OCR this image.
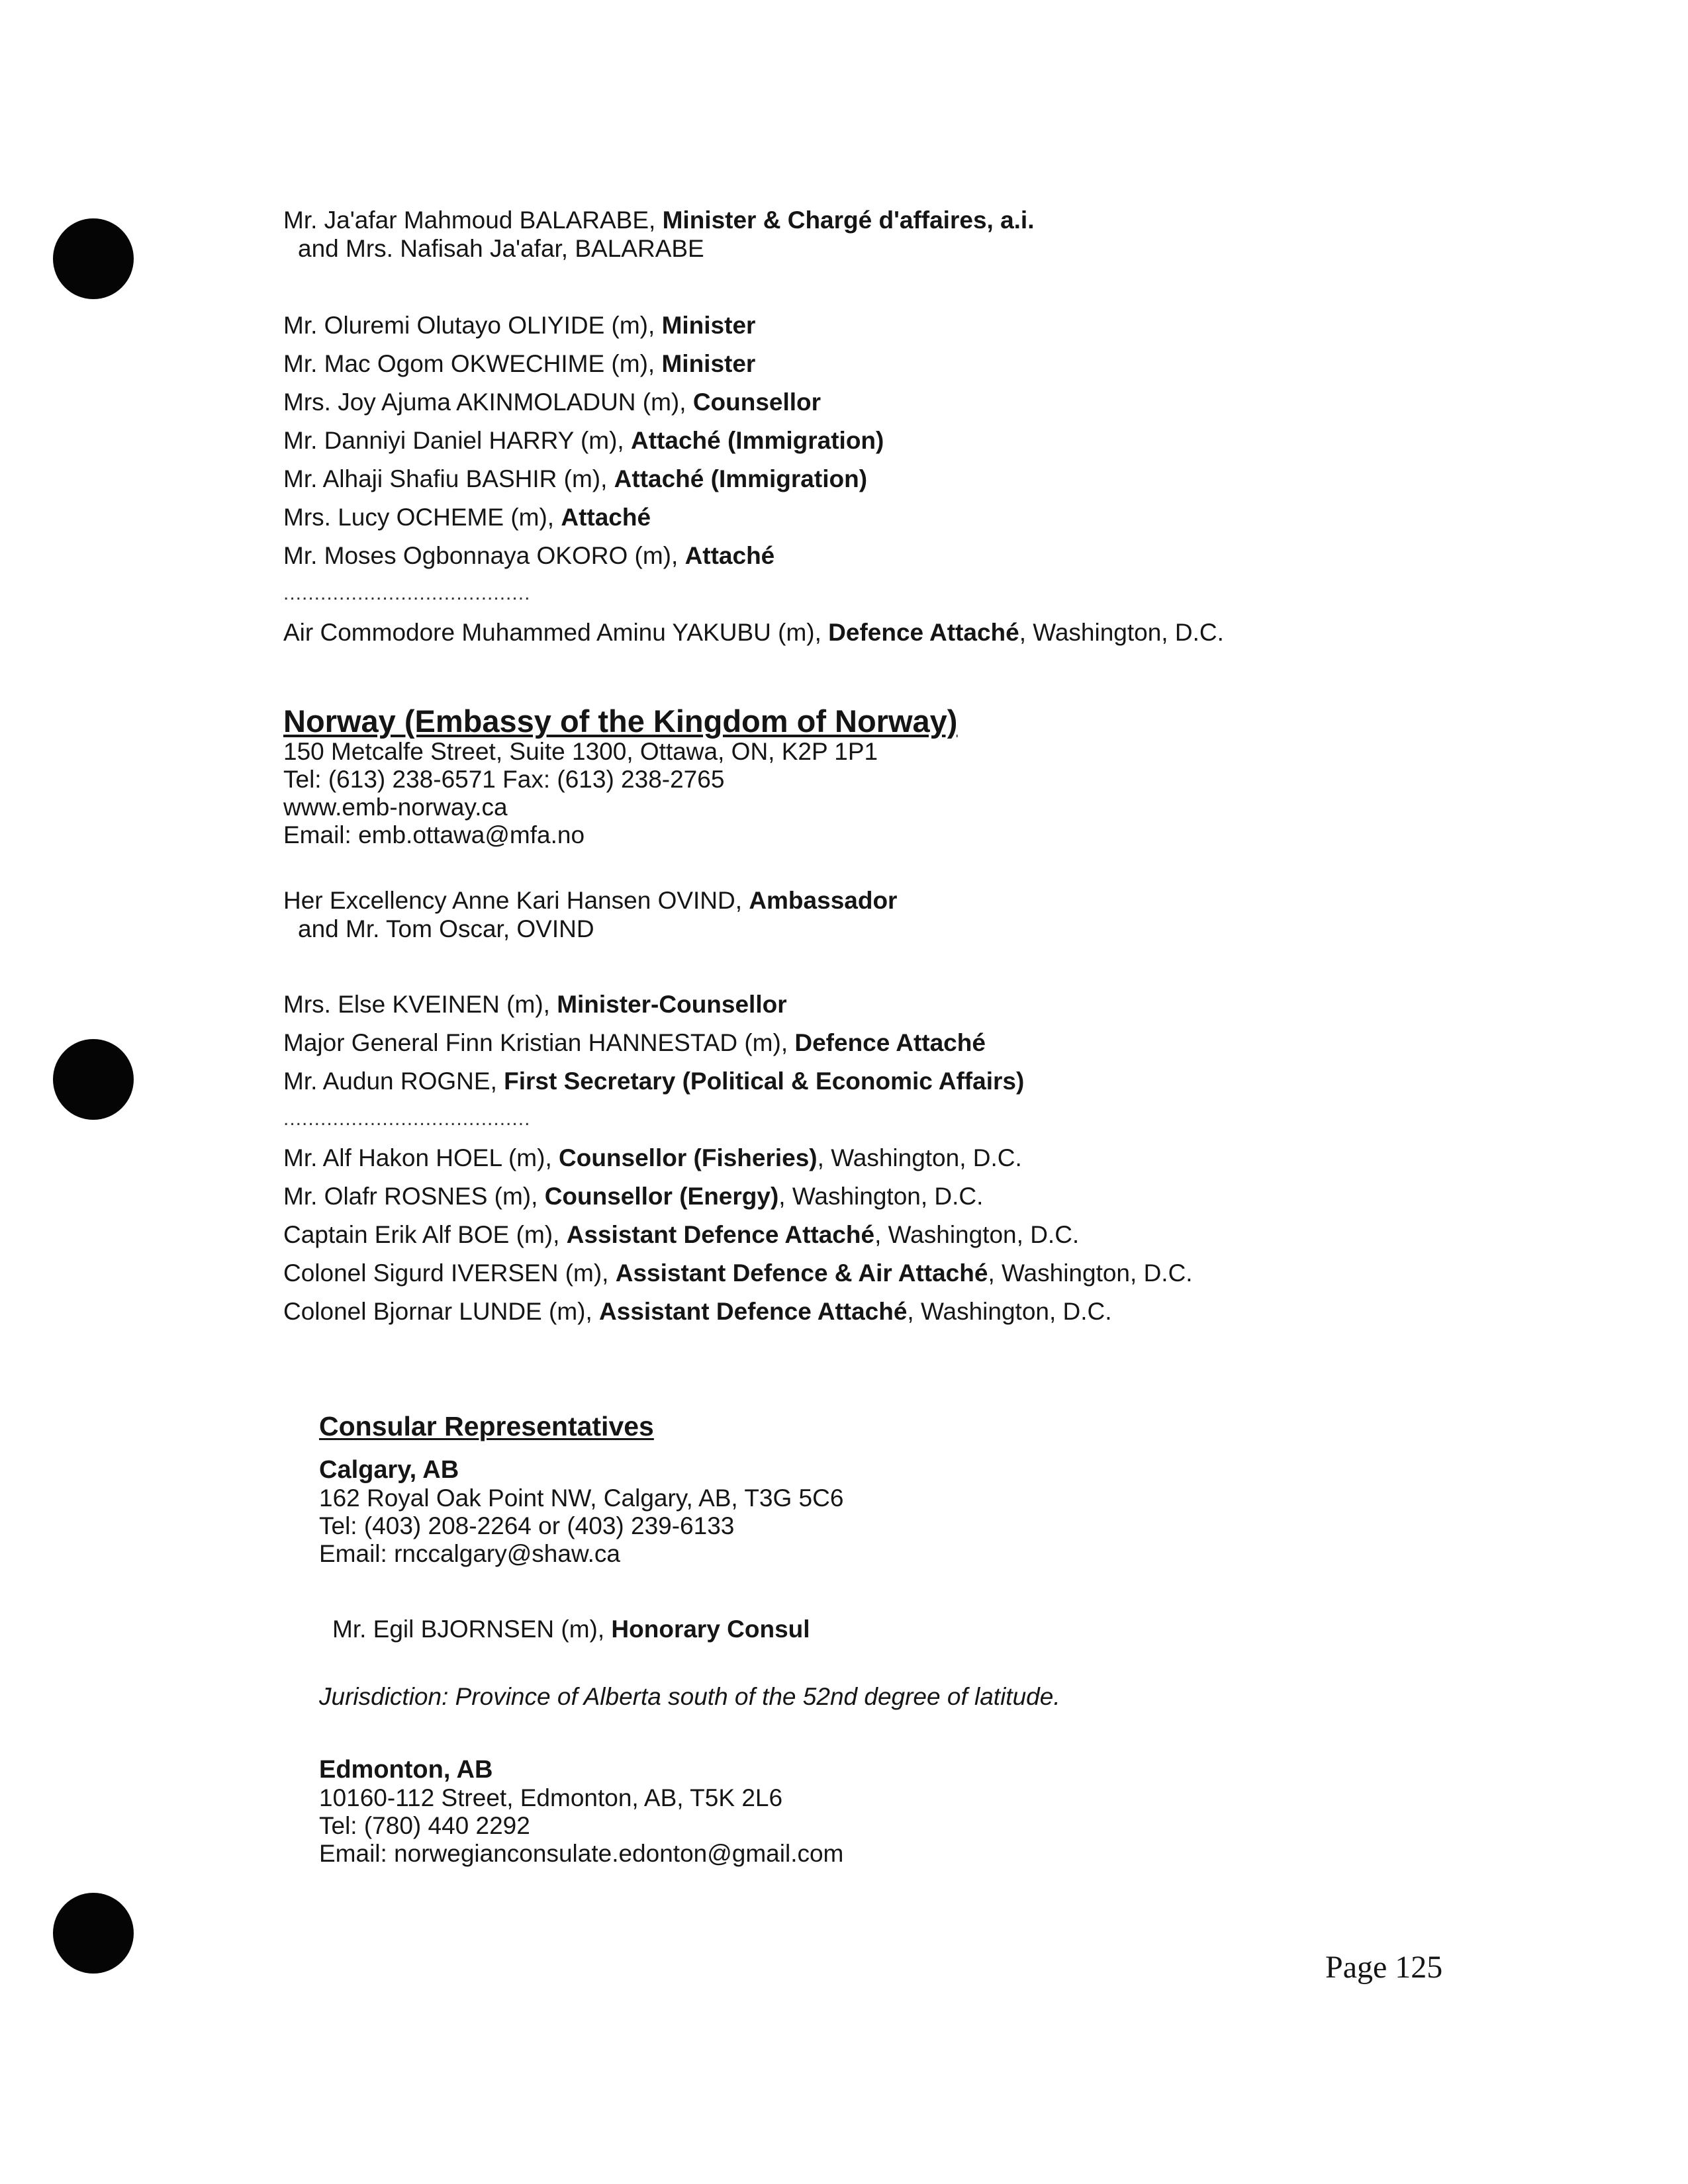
Mr. Ja'afar Mahmoud BALARABE, Minister & Chargé d'affaires, a.i.
and Mrs. Nafisah Ja'afar, BALARABE
Mr. Oluremi Olutayo OLIYIDE (m), Minister
Mr. Mac Ogom OKWECHIME (m), Minister
Mrs. Joy Ajuma AKINMOLADUN (m), Counsellor
Mr. Danniyi Daniel HARRY (m), Attaché (Immigration)
Mr. Alhaji Shafiu BASHIR (m), Attaché (Immigration)
Mrs. Lucy OCHEME (m), Attaché
Mr. Moses Ogbonnaya OKORO (m), Attaché
........................................
Air Commodore Muhammed Aminu YAKUBU (m), Defence Attaché, Washington, D.C.
Norway (Embassy of the Kingdom of Norway)
150 Metcalfe Street, Suite 1300, Ottawa, ON, K2P 1P1
Tel: (613) 238-6571 Fax: (613) 238-2765
www.emb-norway.ca
Email: emb.ottawa@mfa.no
Her Excellency Anne Kari Hansen OVIND, Ambassador
and Mr. Tom Oscar, OVIND
Mrs. Else KVEINEN (m), Minister-Counsellor
Major General Finn Kristian HANNESTAD (m), Defence Attaché
Mr. Audun ROGNE, First Secretary (Political & Economic Affairs)
........................................
Mr. Alf Hakon HOEL (m), Counsellor (Fisheries), Washington, D.C.
Mr. Olafr ROSNES (m), Counsellor (Energy), Washington, D.C.
Captain Erik Alf BOE (m), Assistant Defence Attaché, Washington, D.C.
Colonel Sigurd IVERSEN (m), Assistant Defence & Air Attaché, Washington, D.C.
Colonel Bjornar LUNDE (m), Assistant Defence Attaché, Washington, D.C.
Consular Representatives
Calgary, AB
162 Royal Oak Point NW, Calgary, AB, T3G 5C6
Tel: (403) 208-2264 or (403) 239-6133
Email: rnccalgary@shaw.ca
Mr. Egil BJORNSEN (m), Honorary Consul
Jurisdiction: Province of Alberta south of the 52nd degree of latitude.
Edmonton, AB
10160-112 Street, Edmonton, AB, T5K 2L6
Tel: (780) 440 2292
Email: norwegianconsulate.edonton@gmail.com
Page 125
